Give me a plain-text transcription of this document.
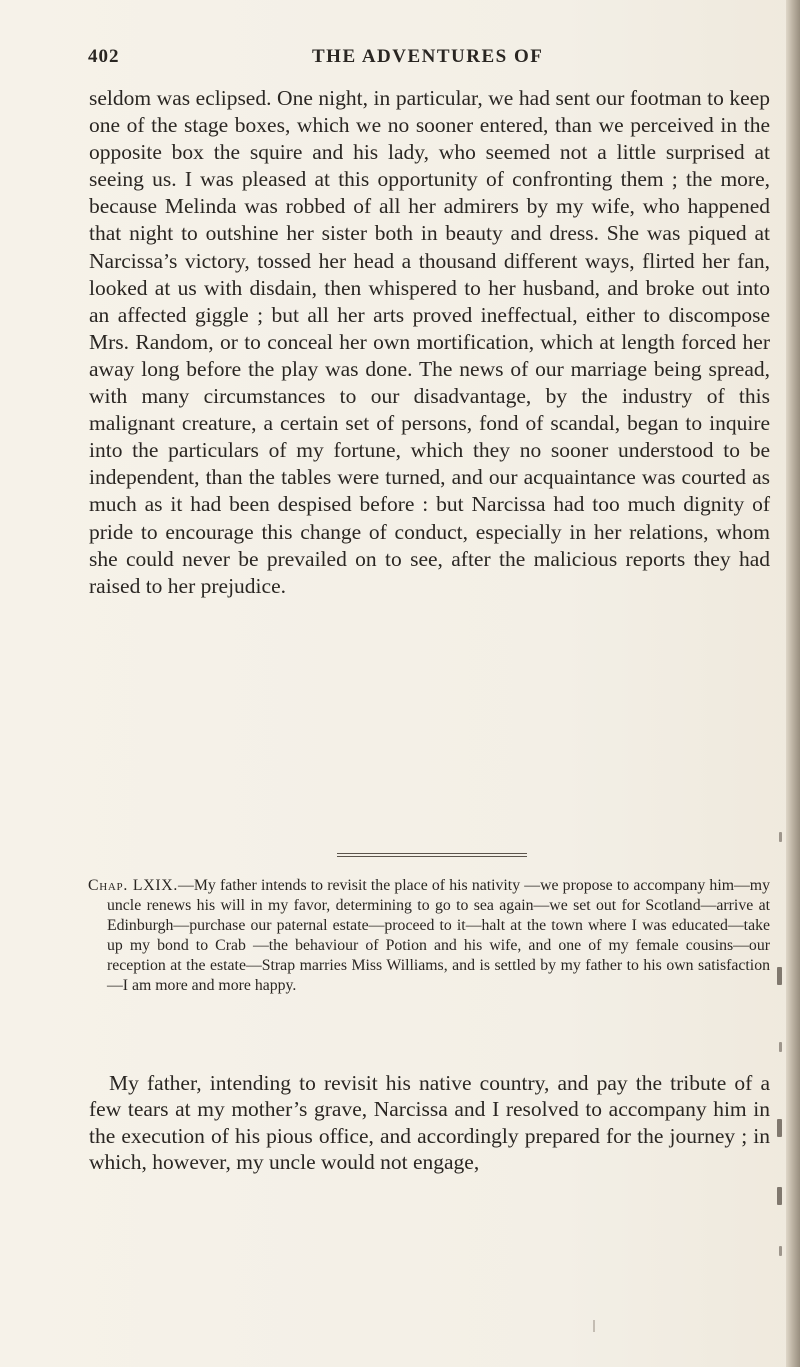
402	THE ADVENTURES OF

seldom was eclipsed. One night, in particular, we had sent our footman to keep one of the stage boxes, which we no sooner entered, than we perceived in the opposite box the squire and his lady, who seemed not a little surprised at seeing us. I was pleased at this opportunity of confronting them ; the more, because Melinda was robbed of all her admirers by my wife, who happened that night to outshine her sister both in beauty and dress. She was piqued at Narcissa’s victory, tossed her head a thousand different ways, flirted her fan, looked at us with disdain, then whispered to her husband, and broke out into an affected giggle ; but all her arts proved ineffectual, either to discompose Mrs. Random, or to conceal her own mortification, which at length forced her away long before the play was done. The news of our marriage being spread, with many circumstances to our disadvantage, by the industry of this malignant creature, a certain set of persons, fond of scandal, began to inquire into the particulars of my fortune, which they no sooner understood to be independent, than the tables were turned, and our acquaintance was courted as much as it had been despised before : but Narcissa had too much dignity of pride to encourage this change of conduct, especially in her relations, whom she could never be prevailed on to see, after the malicious reports they had raised to her prejudice.

Chap. LXIX.—My father intends to revisit the place of his nativity —we propose to accompany him—my uncle renews his will in my favor, determining to go to sea again—we set out for Scotland—arrive at Edinburgh—purchase our paternal estate—proceed to it—halt at the town where I was educated—take up my bond to Crab —the behaviour of Potion and his wife, and one of my female cousins—our reception at the estate—Strap marries Miss Williams, and is settled by my father to his own satisfaction—I am more and more happy.

My father, intending to revisit his native country, and pay the tribute of a few tears at my mother’s grave, Narcissa and I resolved to accompany him in the execution of his pious office, and accordingly prepared for the journey ; in which, however, my uncle would not engage,
